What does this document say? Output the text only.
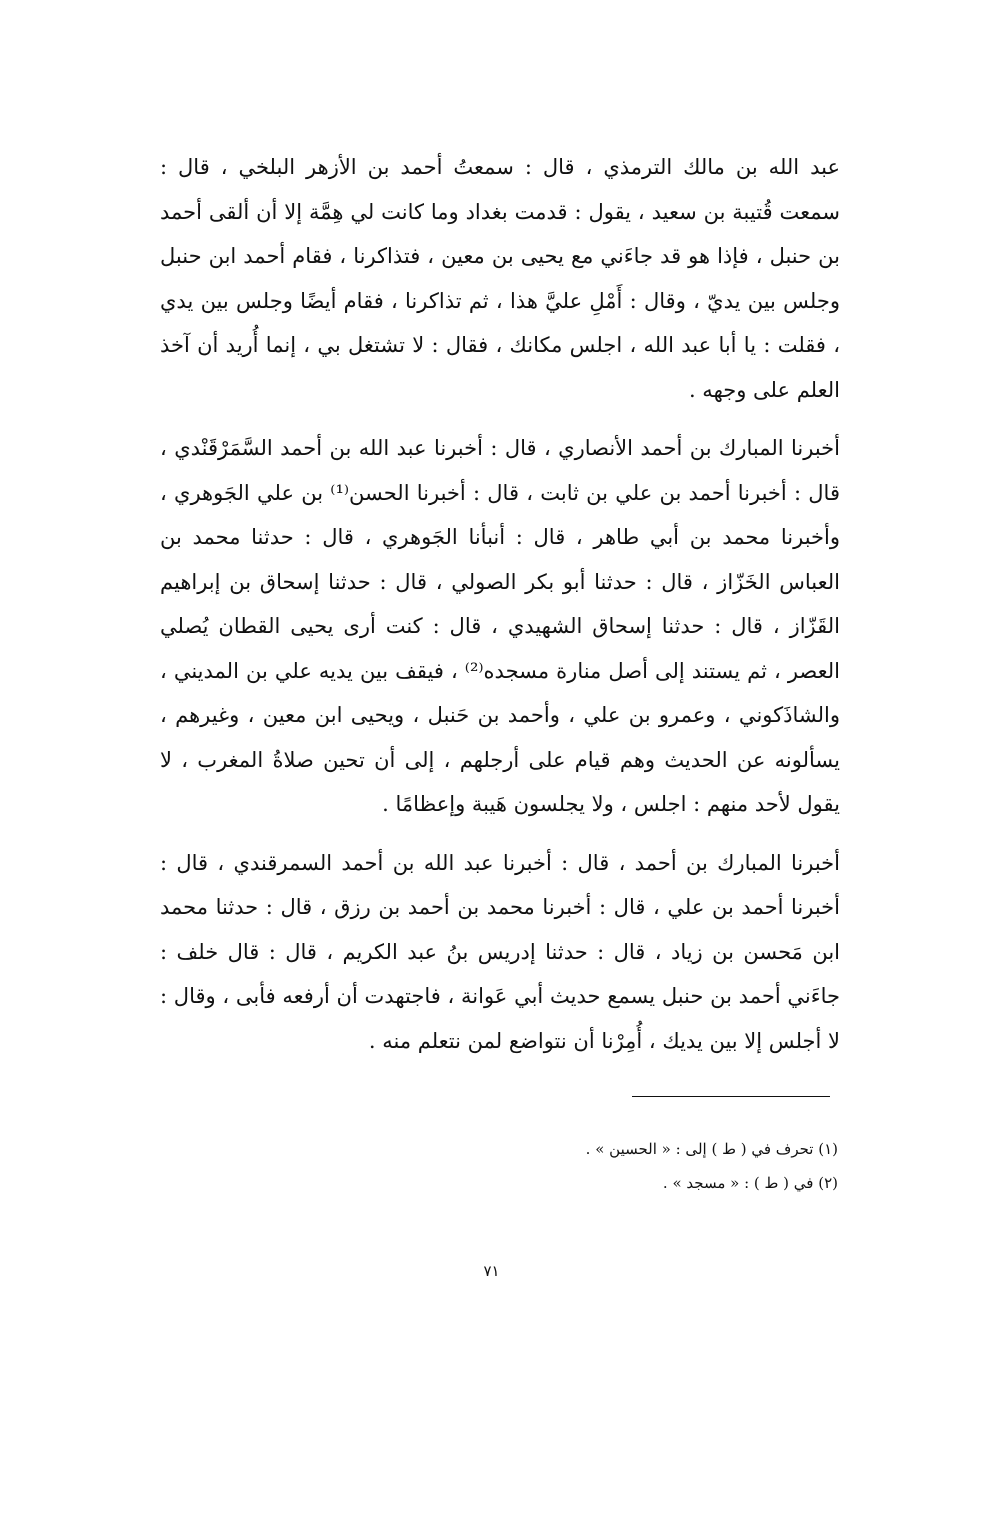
عبد الله بن مالك الترمذي ، قال : سمعتُ أحمد بن الأزهر البلخي ، قال : سمعت قُتيبة بن سعيد ، يقول : قدمت بغداد وما كانت لي هِمَّة إلا أن ألقى أحمد بن حنبل ، فإذا هو قد جاءَني مع يحيى بن معين ، فتذاكرنا ، فقام أحمد ابن حنبل وجلس بين يديّ ، وقال : أَمْلِ عليَّ هذا ، ثم تذاكرنا ، فقام أيضًا وجلس بين يدي ، فقلت : يا أبا عبد الله ، اجلس مكانك ، فقال : لا تشتغل بي ، إنما أُريد أن آخذ العلم على وجهه .

أخبرنا المبارك بن أحمد الأنصاري ، قال : أخبرنا عبد الله بن أحمد السَّمَرْقَنْدي ، قال : أخبرنا أحمد بن علي بن ثابت ، قال : أخبرنا الحسن⁽¹⁾ بن علي الجَوهري ، وأخبرنا محمد بن أبي طاهر ، قال : أنبأنا الجَوهري ، قال : حدثنا محمد بن العباس الخَزّاز ، قال : حدثنا أبو بكر الصولي ، قال : حدثنا إسحاق بن إبراهيم القَزّاز ، قال : حدثنا إسحاق الشهيدي ، قال : كنت أرى يحيى القطان يُصلي العصر ، ثم يستند إلى أصل منارة مسجده⁽²⁾ ، فيقف بين يديه علي بن المديني ، والشاذَكوني ، وعمرو بن علي ، وأحمد بن حَنبل ، ويحيى ابن معين ، وغيرهم ، يسألونه عن الحديث وهم قيام على أرجلهم ، إلى أن تحين صلاةُ المغرب ، لا يقول لأحد منهم : اجلس ، ولا يجلسون هَيبة وإعظامًا .

أخبرنا المبارك بن أحمد ، قال : أخبرنا عبد الله بن أحمد السمرقندي ، قال : أخبرنا أحمد بن علي ، قال : أخبرنا محمد بن أحمد بن رزق ، قال : حدثنا محمد ابن مَحسن بن زياد ، قال : حدثنا إدريس بنُ عبد الكريم ، قال : قال خلف : جاءَني أحمد بن حنبل يسمع حديث أبي عَوانة ، فاجتهدت أن أرفعه فأبى ، وقال : لا أجلس إلا بين يديك ، أُمِرْنا أن نتواضع لمن نتعلم منه .

(١) تحرف في ( ط ) إلى : « الحسين » .

(٢) في ( ط ) : « مسجد » .

٧١
